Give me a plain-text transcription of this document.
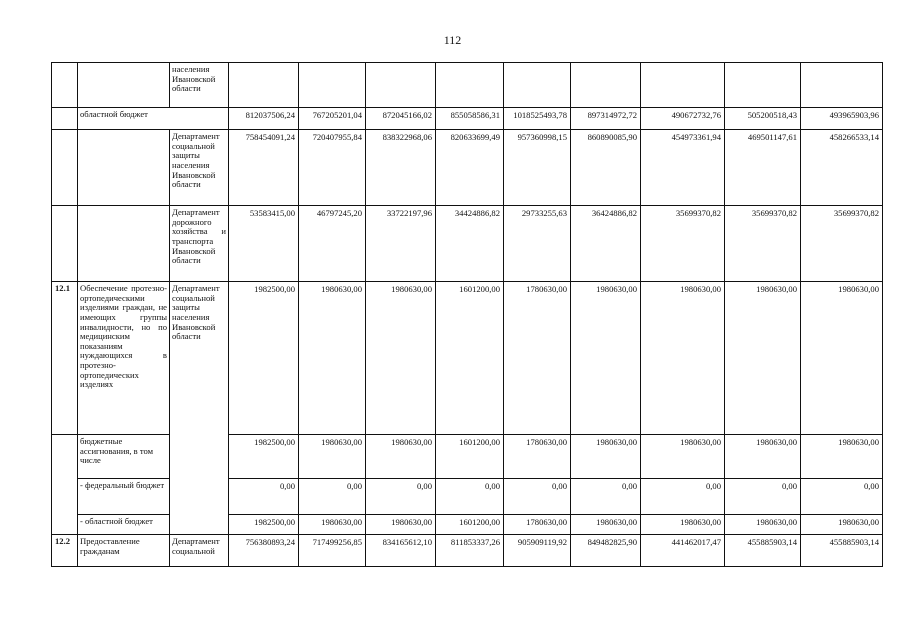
112
		населения Ивановской области									
	областной бюджет		812037506,24	767205201,04	872045166,02	855058586,31	1018525493,78	897314972,72	490672732,76	505200518,43	493965903,96
		Департамент социальной защиты населения Ивановской области	758454091,24	720407955,84	838322968,06	820633699,49	957360998,15	860890085,90	454973361,94	469501147,61	458266533,14
		Департамент дорожного хозяйства и транспорта Ивановской области	53583415,00	46797245,20	33722197,96	34424886,82	29733255,63	36424886,82	35699370,82	35699370,82	35699370,82
12.1	Обеспечение протезно-ортопедическими изделиями граждан, не имеющих группы инвалидности, но по медицинским показаниям нуждающихся в протезно-ортопедических изделиях	Департамент социальной защиты населения Ивановской области	1982500,00	1980630,00	1980630,00	1601200,00	1780630,00	1980630,00	1980630,00	1980630,00	1980630,00
	бюджетные ассигнования, в том числе		1982500,00	1980630,00	1980630,00	1601200,00	1780630,00	1980630,00	1980630,00	1980630,00	1980630,00
	- федеральный бюджет		0,00	0,00	0,00	0,00	0,00	0,00	0,00	0,00	0,00
	- областной бюджет		1982500,00	1980630,00	1980630,00	1601200,00	1780630,00	1980630,00	1980630,00	1980630,00	1980630,00
12.2	Предоставление гражданам	Департамент социальной	756380893,24	717499256,85	834165612,10	811853337,26	905909119,92	849482825,90	441462017,47	455885903,14	455885903,14
